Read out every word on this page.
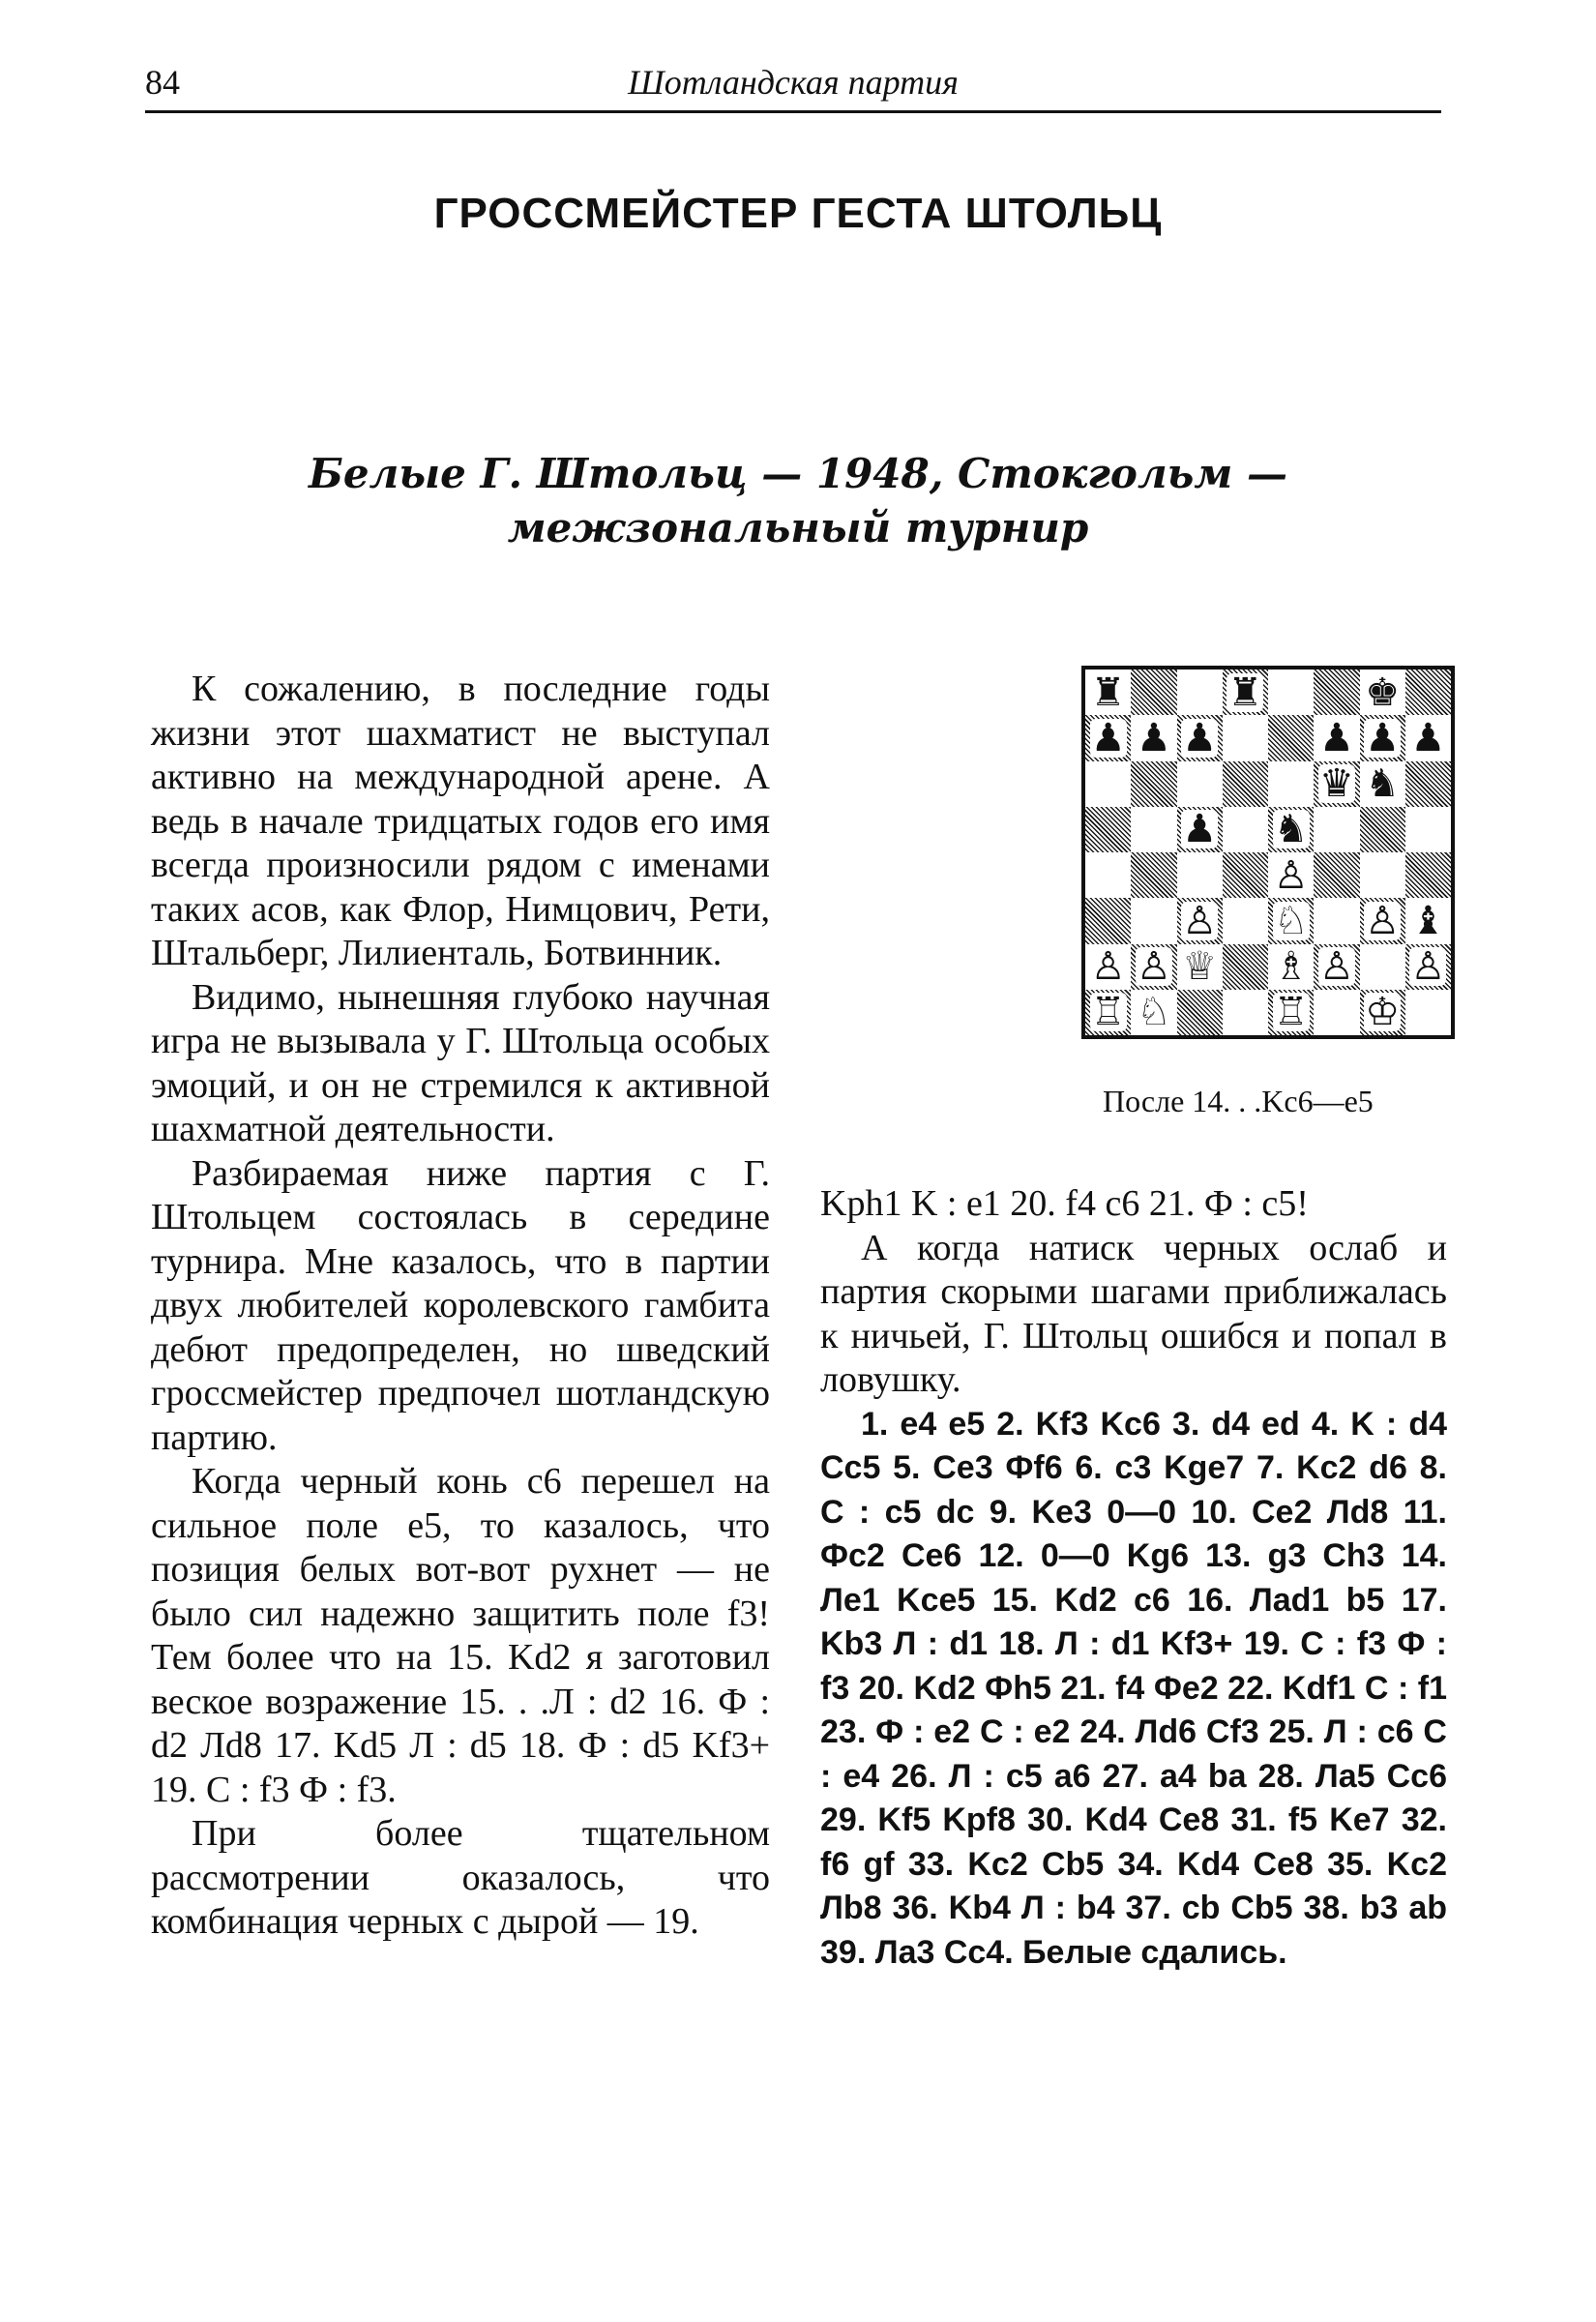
84	Шотландская партия
ГРОССМЕЙСТЕР ГЕСТА ШТОЛЬЦ
Белые Г. Штольц — 1948, Стокгольм —
межзональный турнир

К сожалению, в последние годы жизни этот шахматист не выступал активно на международной арене. А ведь в начале тридцатых годов его имя всегда произносили рядом с именами таких асов, как Флор, Нимцович, Рети, Штальберг, Лилиенталь, Ботвинник.

Видимо, нынешняя глубоко научная игра не вызывала у Г. Штольца особых эмоций, и он не стремился к активной шахматной деятельности.

Разбираемая ниже партия с Г. Штольцем состоялась в середине турнира. Мне казалось, что в партии двух любителей королевского гамбита дебют предопределен, но шведский гроссмейстер предпочел шотландскую партию.

Когда черный конь c6 перешел на сильное поле e5, то казалось, что позиция белых вот-вот рухнет — не было сил надежно защитить поле f3! Тем более что на 15. Kd2 я заготовил веское возражение 15. . .Л : d2 16. Ф : d2 Лd8 17. Kd5 Л : d5 18. Ф : d5 Kf3+ 19. C : f3 Ф : f3.

При более тщательном рассмотрении оказалось, что комбинация черных с дырой — 19.

♜	♜	♚
♟ ♟ ♟	♟ ♟ ♟
♛ ♞
♟ ♞
♙
♙ ♘ ♙ ♝
♙ ♙ ♕ ♗ ♙ ♙
♖ ♘	♖ ♔
После 14. . .Kc6—e5

Kph1 K : e1 20. f4 c6 21. Ф : c5!

А когда натиск черных ослаб и партия скорыми шагами приближалась к ничьей, Г. Штольц ошибся и попал в ловушку.

1. e4 e5 2. Kf3 Kc6 3. d4 ed 4. K : d4 Cc5 5. Ce3 Фf6 6. c3 Kge7 7. Kc2 d6 8. C : c5 dc 9. Ke3 0—0 10. Ce2 Лd8 11. Фc2 Ce6 12. 0—0 Kg6 13. g3 Ch3 14. Лe1 Kce5 15. Kd2 c6 16. Лad1 b5 17. Kb3 Л : d1 18. Л : d1 Kf3+ 19. C : f3 Ф : f3 20. Kd2 Фh5 21. f4 Фe2 22. Kdf1 C : f1 23. Ф : e2 C : e2 24. Лd6 Cf3 25. Л : c6 C : e4 26. Л : c5 a6 27. a4 ba 28. Лa5 Cc6 29. Kf5 Kpf8 30. Kd4 Ce8 31. f5 Ke7 32. f6 gf 33. Kc2 Cb5 34. Kd4 Ce8 35. Kc2 Лb8 36. Kb4 Л : b4 37. cb Cb5 38. b3 ab 39. Лa3 Cc4. Белые сдались.
